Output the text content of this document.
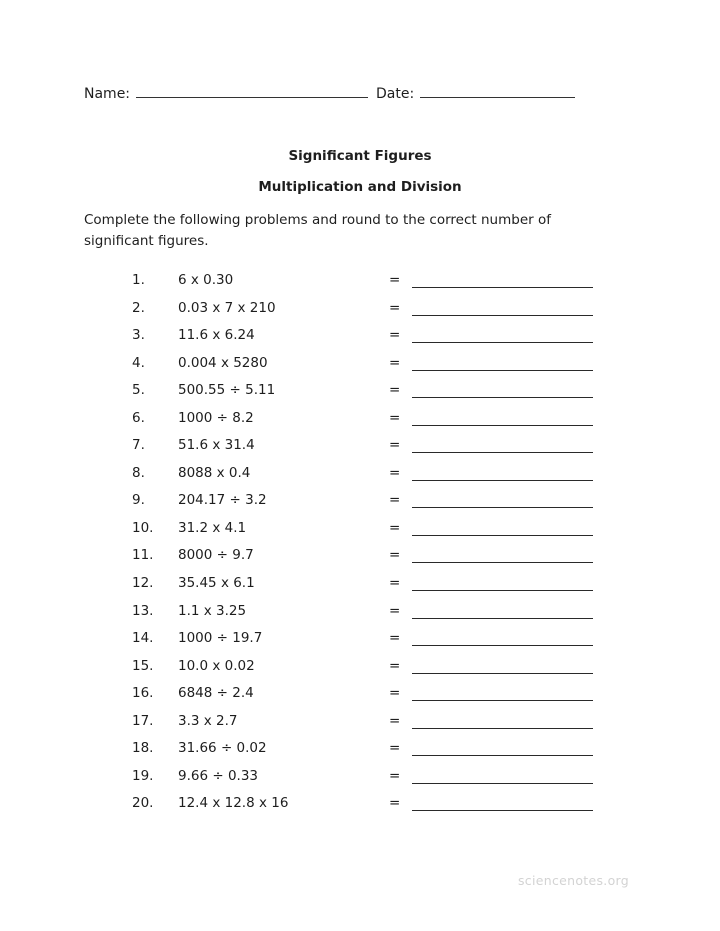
Name:	Date:
Significant Figures
Multiplication and Division
Complete the following problems and round to the correct number of significant figures.
1. 6 x 0.30	=
2. 0.03 x 7 x 210	=
3. 11.6 x 6.24	=
4. 0.004 x 5280	=
5. 500.55 ÷ 5.11	=
6. 1000 ÷ 8.2	=
7. 51.6 x 31.4	=
8. 8088 x 0.4	=
9. 204.17 ÷ 3.2	=
10. 31.2 x 4.1	=
11. 8000 ÷ 9.7	=
12. 35.45 x 6.1	=
13. 1.1 x 3.25	=
14. 1000 ÷ 19.7	=
15. 10.0 x 0.02	=
16. 6848 ÷ 2.4	=
17. 3.3 x 2.7	=
18. 31.66 ÷ 0.02	=
19. 9.66 ÷ 0.33	=
20. 12.4 x 12.8 x 16	=
sciencenotes.org
